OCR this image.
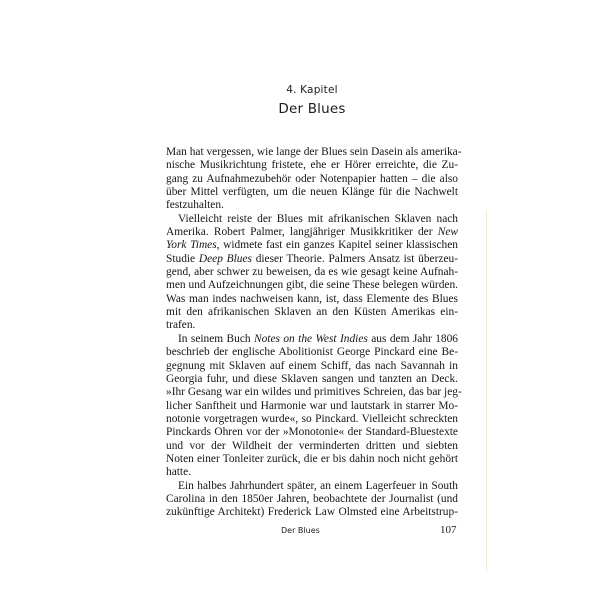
4. Kapitel
Der Blues

Man hat vergessen, wie lange der Blues sein Dasein als amerika-
nische Musikrichtung fristete, ehe er Hörer erreichte, die Zu-
gang zu Aufnahmezubehör oder Notenpapier hatten – die also
über Mittel verfügten, um die neuen Klänge für die Nachwelt
festzuhalten.

Vielleicht reiste der Blues mit afrikanischen Sklaven nach
Amerika. Robert Palmer, langjähriger Musikkritiker der New
York Times, widmete fast ein ganzes Kapitel seiner klassischen
Studie Deep Blues dieser Theorie. Palmers Ansatz ist überzeu-
gend, aber schwer zu beweisen, da es wie gesagt keine Aufnah-
men und Aufzeichnungen gibt, die seine These belegen würden.
Was man indes nachweisen kann, ist, dass Elemente des Blues
mit den afrikanischen Sklaven an den Küsten Amerikas ein-
trafen.

In seinem Buch Notes on the West Indies aus dem Jahr 1806
beschrieb der englische Abolitionist George Pinckard eine Be-
gegnung mit Sklaven auf einem Schiff, das nach Savannah in
Georgia fuhr, und diese Sklaven sangen und tanzten an Deck.
»Ihr Gesang war ein wildes und primitives Schreien, das bar jeg-
licher Sanftheit und Harmonie war und lautstark in starrer Mo-
notonie vorgetragen wurde«, so Pinckard. Vielleicht schreckten
Pinckards Ohren vor der »Monotonie« der Standard-Bluestexte
und vor der Wildheit der verminderten dritten und siebten
Noten einer Tonleiter zurück, die er bis dahin noch nicht gehört
hatte.

Ein halbes Jahrhundert später, an einem Lagerfeuer in South
Carolina in den 1850er Jahren, beobachtete der Journalist (und
zukünftige Architekt) Frederick Law Olmsted eine Arbeitstrup-

Der Blues	107
